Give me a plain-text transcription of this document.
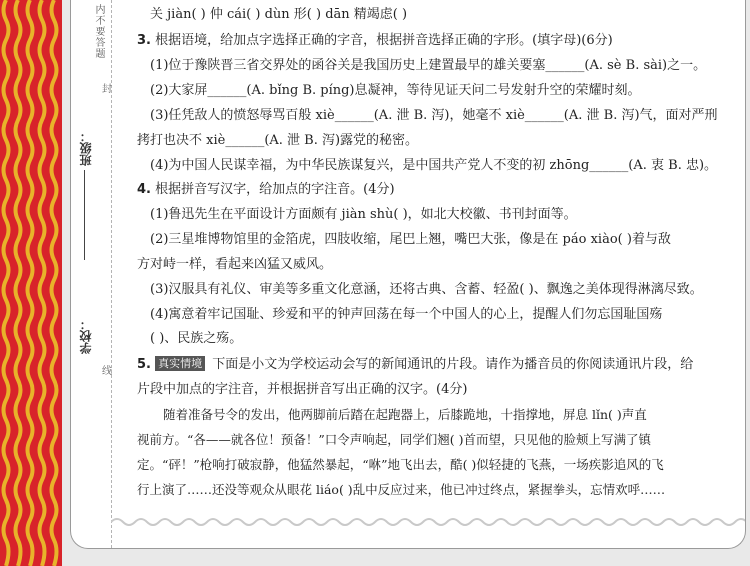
内不要答题
封
班级：
线
学校：
关 jiàn( ) 仲 cái( ) dùn 形( ) dān 精竭虑( )
3. 根据语境，给加点字选择正确的字音，根据拼音选择正确的字形。(填字母)(6分)
(1)位于豫陕晋三省交界处的函谷关是我国历史上建置最早的雄关要塞______(A. sè B. sài)之一。
(2)大家屏______(A. bǐng B. píng)息凝神，等待见证天问二号发射升空的荣耀时刻。
(3)任凭敌人的愤怒辱骂百般 xiè______(A. 泄 B. 泻)，她毫不 xiè______(A. 泄 B. 泻)气，面对严刑
拷打也决不 xiè______(A. 泄 B. 泻)露党的秘密。
(4)为中国人民谋幸福，为中华民族谋复兴，是中国共产党人不变的初 zhōng______(A. 衷 B. 忠)。
4. 根据拼音写汉字，给加点的字注音。(4分)
(1)鲁迅先生在平面设计方面颇有 jiàn shù( )，如北大校徽、书刊封面等。
(2)三星堆博物馆里的金箔虎，四肢收缩，尾巴上翘，嘴巴大张，像是在 páo xiào( )着与敌
方对峙一样，看起来凶猛又威风。
(3)汉服具有礼仪、审美等多重文化意涵，还将古典、含蓄、轻盈( )、飘逸之美体现得淋漓尽致。
(4)寓意着牢记国耻、珍爱和平的钟声回荡在每一个中国人的心上，提醒人们勿忘国耻国殇
( )、民族之殇。
5. 真实情境 下面是小文为学校运动会写的新闻通讯的片段。请作为播音员的你阅读通讯片段，给
片段中加点的字注音，并根据拼音写出正确的汉字。(4分)
随着准备号令的发出，他两脚前后踏在起跑器上，后膝跪地，十指撑地，屏息 lǐn( )声直
视前方。“各——就各位！预备！”口令声响起，同学们翘( )首而望，只见他的脸颊上写满了镇
定。“砰！”枪响打破寂静，他猛然暴起，“咻”地飞出去，酷( )似轻捷的飞燕，一场疾影追风的飞
行上演了……还没等观众从眼花 liáo( )乱中反应过来，他已冲过终点，紧握拳头，忘情欢呼……
